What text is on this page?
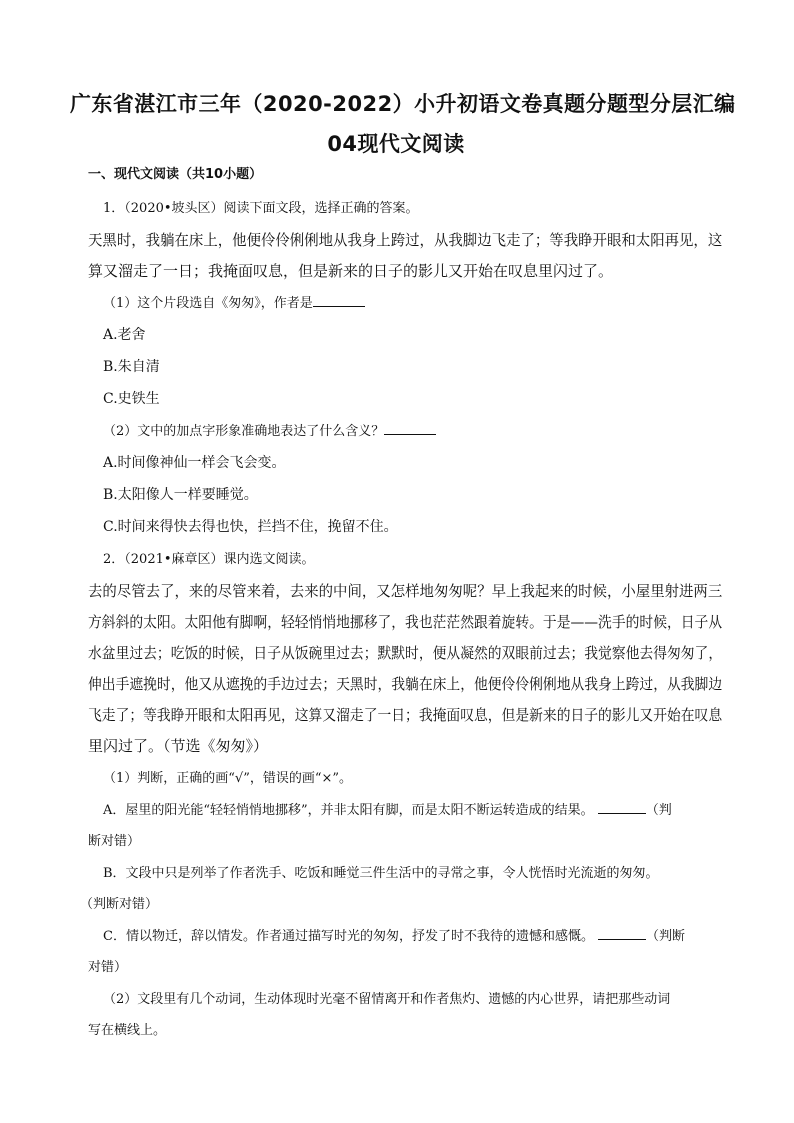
广东省湛江市三年（2020-2022）小升初语文卷真题分题型分层汇编
04现代文阅读
一、现代文阅读（共10小题）
1．（2020•坡头区）阅读下面文段，选择正确的答案。
天黑时，我躺在床上，他便伶伶俐俐地从我身上跨过，从我脚边飞走了；等我睁开眼和太阳再见，这
算又溜走了一日；我掩面叹息，但是新来的日子的影儿又开始在叹息里闪过了。
（1）这个片段选自《匆匆》，作者是
A.老舍
B.朱自清
C.史铁生
（2）文中的加点字形象准确地表达了什么含义？
A.时间像神仙一样会飞会变。
B.太阳像人一样要睡觉。
C.时间来得快去得也快，拦挡不住，挽留不住。
2．（2021•麻章区）课内选文阅读。
去的尽管去了，来的尽管来着，去来的中间，又怎样地匆匆呢？早上我起来的时候，小屋里射进两三
方斜斜的太阳。太阳他有脚啊，轻轻悄悄地挪移了，我也茫茫然跟着旋转。于是——洗手的时候，日子从
水盆里过去；吃饭的时候，日子从饭碗里过去；默默时，便从凝然的双眼前过去；我觉察他去得匆匆了，
伸出手遮挽时，他又从遮挽的手边过去；天黑时，我躺在床上，他便伶伶俐俐地从我身上跨过，从我脚边
飞走了；等我睁开眼和太阳再见，这算又溜走了一日；我掩面叹息，但是新来的日子的影儿又开始在叹息
里闪过了。（节选《匆匆》）
（1）判断，正确的画“√”，错误的画“×”。
A．屋里的阳光能“轻轻悄悄地挪移”，并非太阳有脚，而是太阳不断运转造成的结果。	（判
断对错）
B．文段中只是列举了作者洗手、吃饭和睡觉三件生活中的寻常之事，令人恍悟时光流逝的匆匆。
（判断对错）
C．情以物迁，辞以情发。作者通过描写时光的匆匆，抒发了时不我待的遗憾和感慨。	（判断
对错）
（2）文段里有几个动词，生动体现时光毫不留情离开和作者焦灼、遗憾的内心世界，请把那些动词
写在横线上。
